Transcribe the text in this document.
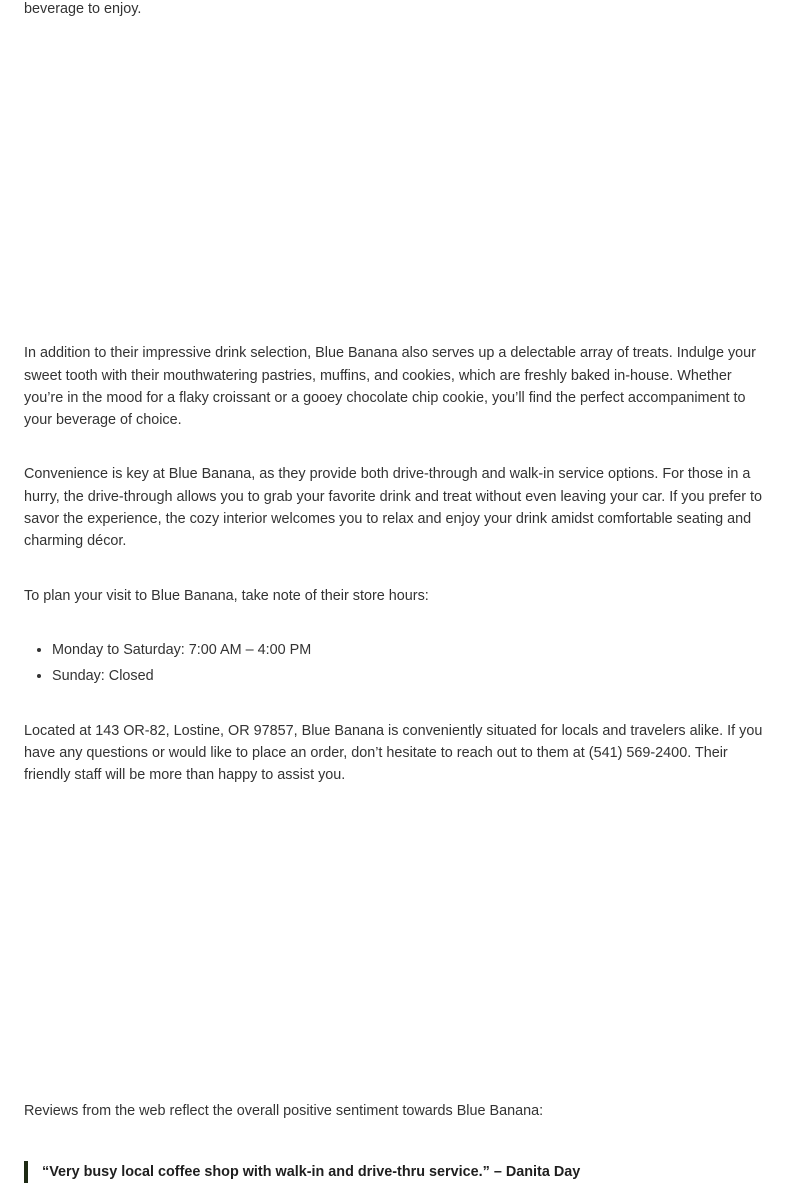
beverage to enjoy.

In addition to their impressive drink selection, Blue Banana also serves up a delectable array of treats. Indulge your sweet tooth with their mouthwatering pastries, muffins, and cookies, which are freshly baked in-house. Whether you’re in the mood for a flaky croissant or a gooey chocolate chip cookie, you’ll find the perfect accompaniment to your beverage of choice.

Convenience is key at Blue Banana, as they provide both drive-through and walk-in service options. For those in a hurry, the drive-through allows you to grab your favorite drink and treat without even leaving your car. If you prefer to savor the experience, the cozy interior welcomes you to relax and enjoy your drink amidst comfortable seating and charming décor.

To plan your visit to Blue Banana, take note of their store hours:

• Monday to Saturday: 7:00 AM – 4:00 PM
• Sunday: Closed

Located at 143 OR-82, Lostine, OR 97857, Blue Banana is conveniently situated for locals and travelers alike. If you have any questions or would like to place an order, don’t hesitate to reach out to them at (541) 569-2400. Their friendly staff will be more than happy to assist you.

Reviews from the web reflect the overall positive sentiment towards Blue Banana:

“Very busy local coffee shop with walk-in and drive-thru service.” – Danita Day
